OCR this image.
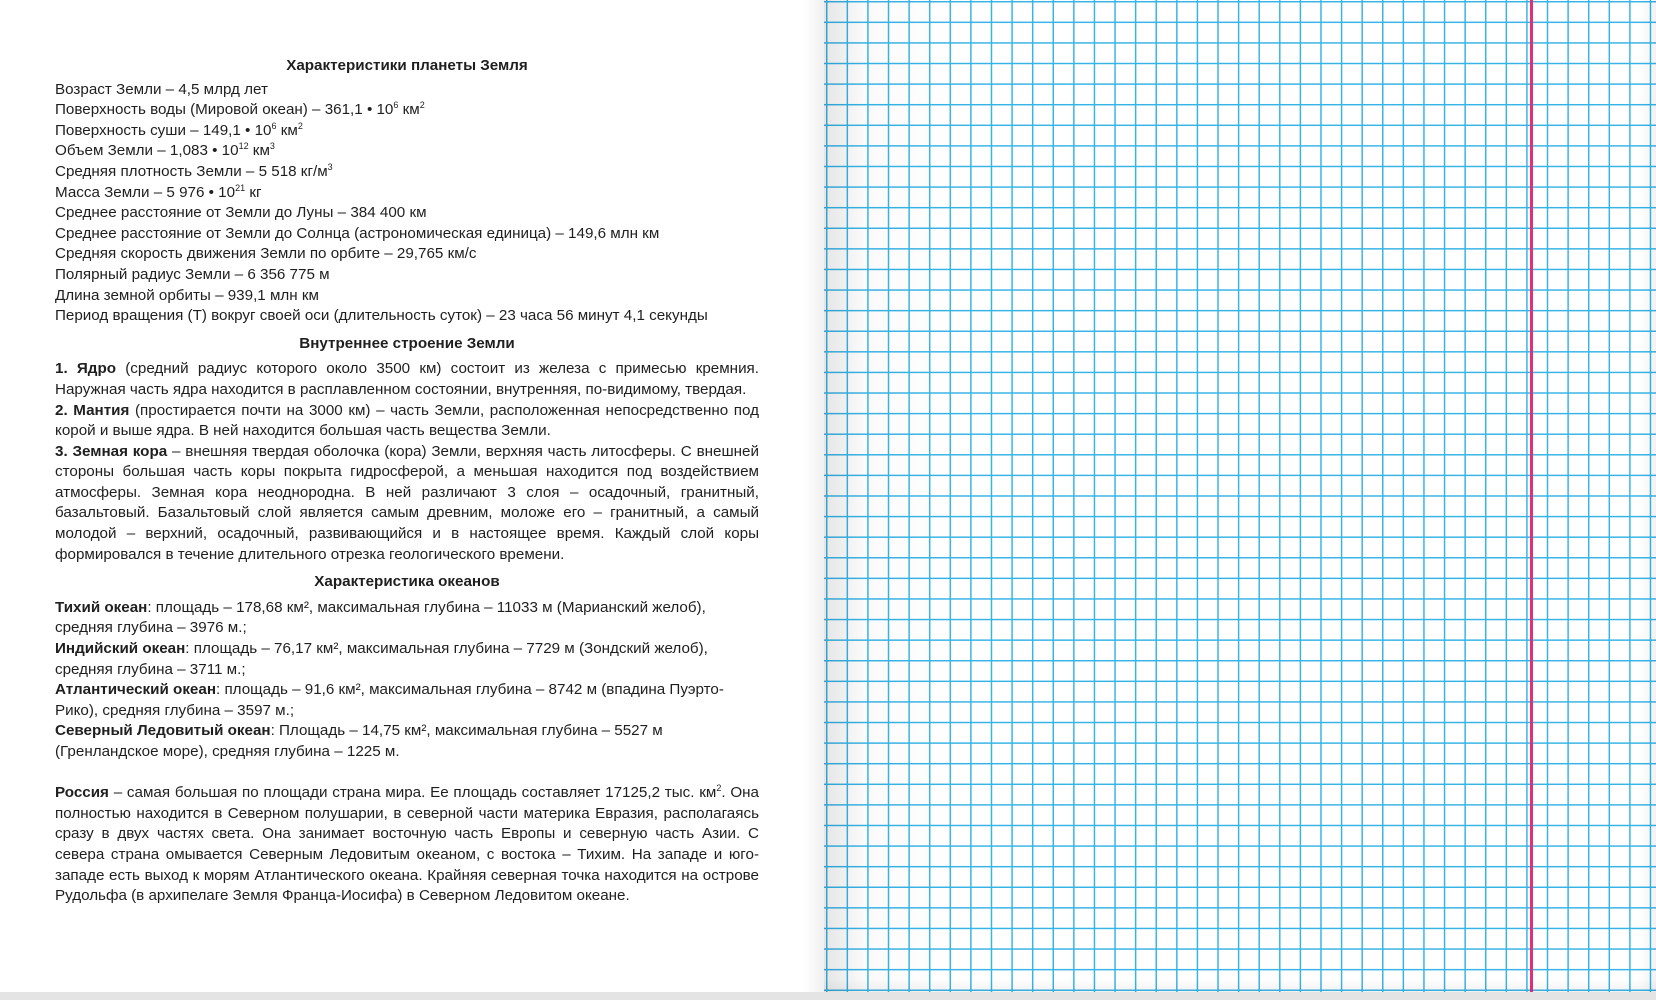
Характеристики планеты Земля
Возраст Земли – 4,5 млрд лет
Поверхность воды (Мировой океан) – 361,1 • $10^6$ $км^2$
Поверхность суши – 149,1 • $10^6$ $км^2$
Объем Земли – 1,083 • $10^{12}$ $км^3$
Средняя плотность Земли – 5 518 $кг/м^3$
Масса Земли – 5 976 • $10^{21}$ кг
Среднее расстояние от Земли до Луны – 384 400 км
Среднее расстояние от Земли до Солнца (астрономическая единица) – 149,6 млн км
Средняя скорость движения Земли по орбите – 29,765 км/с
Полярный радиус Земли – 6 356 775 м
Длина земной орбиты – 939,1 млн км
Период вращения (Т) вокруг своей оси (длительность суток) – 23 часа 56 минут 4,1 секунды
Внутреннее строение Земли

1. Ядро (средний радиус которого около 3500 км) состоит из железа с примесью кремния. Наружная часть ядра находится в расплавленном состоянии, внутренняя, по-видимому, твердая.

2. Мантия (простирается почти на 3000 км) – часть Земли, расположенная непосредственно под корой и выше ядра. В ней находится большая часть вещества Земли.

3. Земная кора – внешняя твердая оболочка (кора) Земли, верхняя часть литосферы. С внешней стороны большая часть коры покрыта гидросферой, а меньшая находится под воздействием атмосферы. Земная кора неоднородна. В ней различают 3 слоя – осадочный, гранитный, базальтовый. Базальтовый слой является самым древним, моложе его – гранитный, а самый молодой – верхний, осадочный, развивающийся и в настоящее время. Каждый слой коры формировался в течение длительного отрезка геологического времени.

Характеристика океанов

Тихий океан: площадь – 178,68 км², максимальная глубина – 11033 м (Марианский желоб), средняя глубина – 3976 м.;

Индийский океан: площадь – 76,17 км², максимальная глубина – 7729 м (Зондский желоб), средняя глубина – 3711 м.;

Атлантический океан: площадь – 91,6 км², максимальная глубина – 8742 м (впадина Пуэрто-Рико), средняя глубина – 3597 м.;

Северный Ледовитый океан: Площадь – 14,75 км², максимальная глубина – 5527 м (Гренландское море), средняя глубина – 1225 м.

Россия – самая большая по площади страна мира. Ее площадь составляет 17125,2 тыс. $км^2$. Она полностью находится в Северном полушарии, в северной части материка Евразия, располагаясь сразу в двух частях света. Она занимает восточную часть Европы и северную часть Азии. С севера страна омывается Северным Ледовитым океаном, с востока – Тихим. На западе и юго-западе есть выход к морям Атлантического океана. Крайняя северная точка находится на острове Рудольфа (в архипелаге Земля Франца-Иосифа) в Северном Ледовитом океане.
